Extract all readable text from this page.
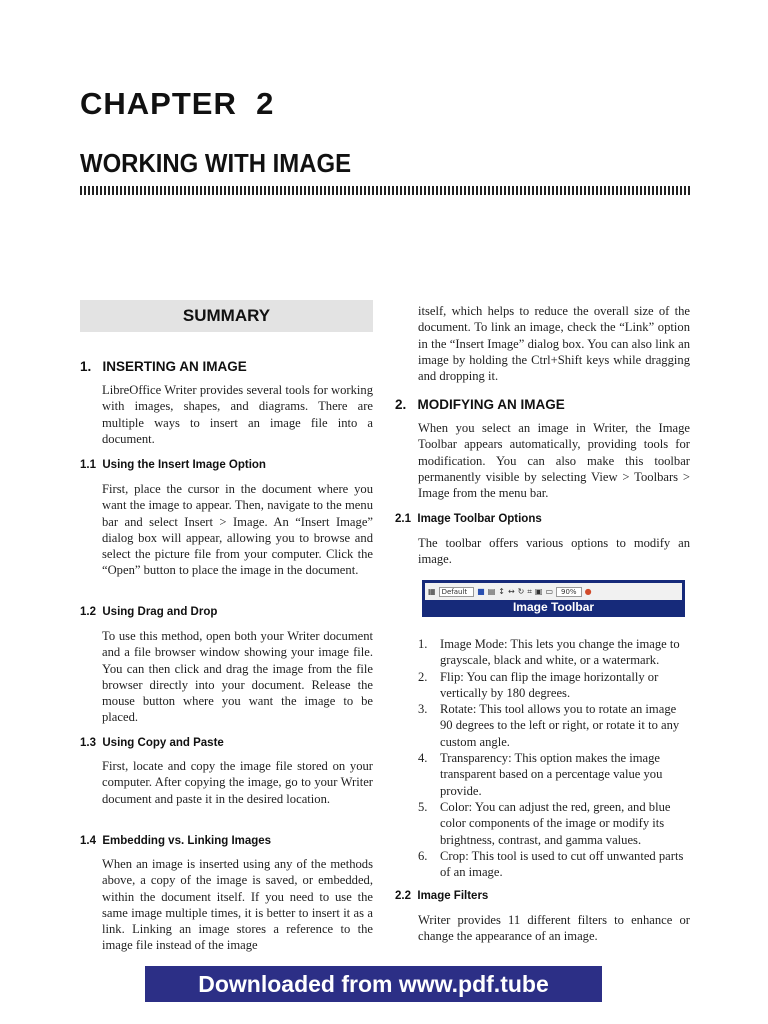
CHAPTER  2
WORKING WITH IMAGE
SUMMARY
1.   INSERTING AN IMAGE
LibreOffice Writer provides several tools for working with images, shapes, and diagrams. There are multiple ways to insert an image file into a document.
1.1  Using the Insert Image Option
First, place the cursor in the document where you want the image to appear. Then, navigate to the menu bar and select Insert > Image. An “Insert Image” dialog box will appear, allowing you to browse and select the picture file from your computer. Click the “Open” button to place the image in the document.
1.2  Using Drag and Drop
To use this method, open both your Writer document and a file browser window showing your image file. You can then click and drag the image from the file browser directly into your document. Release the mouse button where you want the image to be placed.
1.3  Using Copy and Paste
First, locate and copy the image file stored on your computer. After copying the image, go to your Writer document and paste it in the desired location.
1.4  Embedding vs. Linking Images
When an image is inserted using any of the methods above, a copy of the image is saved, or embedded, within the document itself. If you need to use the same image multiple times, it is better to insert it as a link. Linking an image stores a reference to the image file instead of the image
itself, which helps to reduce the overall size of the document. To link an image, check the “Link” option in the “Insert Image” dialog box. You can also link an image by holding the Ctrl+Shift keys while dragging and dropping it.
2.   MODIFYING AN IMAGE
When you select an image in Writer, the Image Toolbar appears automatically, providing tools for modification. You can also make this toolbar permanently visible by selecting View > Toolbars > Image from the menu bar.
2.1  Image Toolbar Options
The toolbar offers various options to modify an image.
▦ Default	■ ▤ ↕ ↔ ↻ ⌗ ▣ ▭	90%	●
Image Toolbar
1. Image Mode: This lets you change the image to grayscale, black and white, or a watermark.
2. Flip: You can flip the image horizontally or vertically by 180 degrees.
3. Rotate: This tool allows you to rotate an image 90 degrees to the left or right, or rotate it to any custom angle.
4. Transparency: This option makes the image transparent based on a percentage value you provide.
5. Color: You can adjust the red, green, and blue color components of the image or modify its brightness, contrast, and gamma values.
6. Crop: This tool is used to cut off unwanted parts of an image.
2.2  Image Filters
Writer provides 11 different filters to enhance or change the appearance of an image.
Downloaded from www.pdf.tube
